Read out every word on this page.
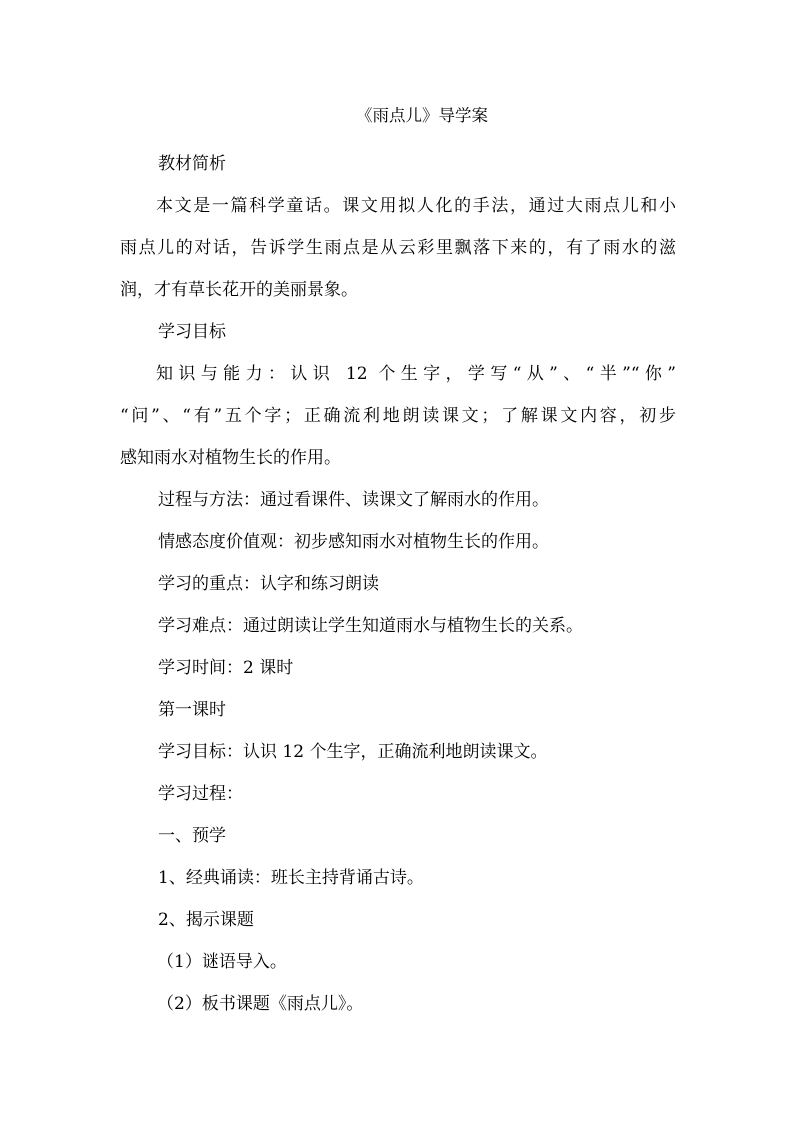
《雨点儿》导学案
教材简析
本文是一篇科学童话。课文用拟人化的手法，通过大雨点儿和小
雨点儿的对话，告诉学生雨点是从云彩里飘落下来的，有了雨水的滋
润，才有草长花开的美丽景象。
学习目标
知识与能力：认识 12 个生字，学写“从”、“半”“你”
“问”、“有”五个字；正确流利地朗读课文；了解课文内容，初步
感知雨水对植物生长的作用。
过程与方法：通过看课件、读课文了解雨水的作用。
情感态度价值观：初步感知雨水对植物生长的作用。
学习的重点：认字和练习朗读
学习难点：通过朗读让学生知道雨水与植物生长的关系。
学习时间：2 课时
第一课时
学习目标：认识 12 个生字，正确流利地朗读课文。
学习过程：
一、预学
1、经典诵读：班长主持背诵古诗。
2、揭示课题
（1）谜语导入。
（2）板书课题《雨点儿》。
